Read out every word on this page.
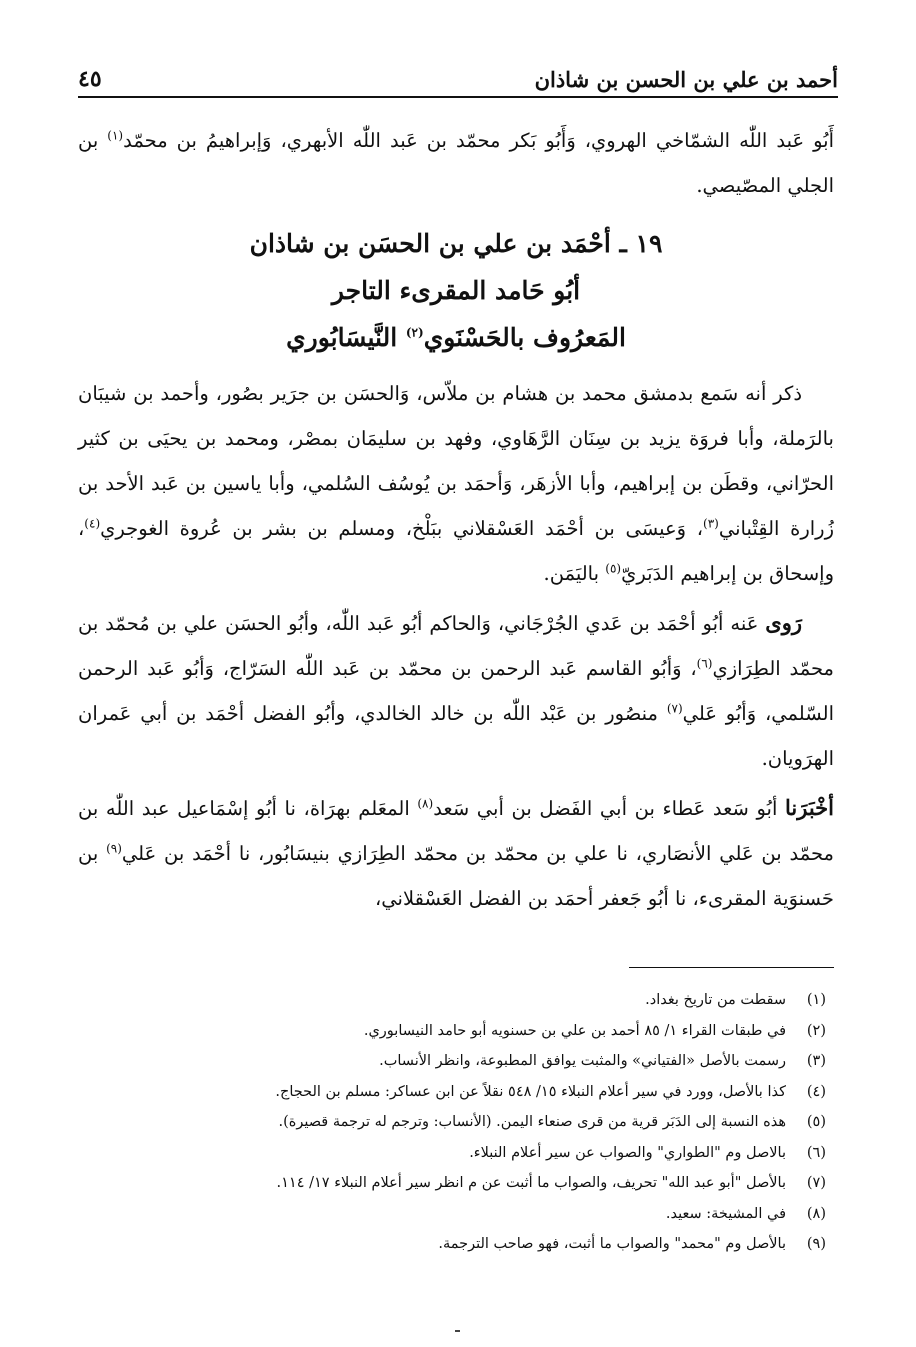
أحمد بن علي بن الحسن بن شاذان
٤٥

أَبُو عَبد اللّٰه الشمّاخي الهروي، وَأَبُو بَكر محمّد بن عَبد اللّٰه الأبهري، وَإبراهيمُ بن محمّد$^{(١)}$ بن الجلي المصّيصي.

١٩ ـ أحْمَد بن علي بن الحسَن بن شاذان
أبُو حَامد المقرىء التاجر
المَعرُوف بالحَسْنَوي$^{(٢)}$ النَّيسَابُوري

ذكر أنه سَمع بدمشق محمد بن هشام بن ملاّس، وَالحسَن بن جرَير بصُور، وأحمد بن شيبَان بالرَملة، وأبا فروَة يزيد بن سِنَان الرَّهَاوي، وفهد بن سليمَان بمصْر، ومحمد بن يحيَى بن كثير الحرّاني، وقطَن بن إبراهيم، وأبا الأزهَر، وَأحمَد بن يُوسُف السُلمي، وأبا ياسين بن عَبد الأحد بن زُرارة القِتْباني$^{(٣)}$، وَعيسَى بن أحْمَد العَسْقلاني ببَلْخ، ومسلم بن بشر بن عُروة الغوجري$^{(٤)}$، وإسحاق بن إبراهيم الدَبَريّ$^{(٥)}$ باليَمَن.

رَوى عَنه أبُو أحْمَد بن عَدي الجُرْجَاني، وَالحاكم أبُو عَبد اللّٰه، وأبُو الحسَن علي بن مُحمّد بن محمّد الطِرَازي$^{(٦)}$، وَأبُو القاسم عَبد الرحمن بن محمّد بن عَبد اللّٰه السَرّاج، وَأبُو عَبد الرحمن السّلمي، وَأبُو عَلي$^{(٧)}$ منصُور بن عَبْد اللّٰه بن خالد الخالدي، وأبُو الفضل أحْمَد بن أبي عَمران الهرَويان.

أخْبَرَنا أبُو سَعد عَطاء بن أبي الفَضل بن أبي سَعد$^{(٨)}$ المعَلم بهرَاة، نا أبُو إسْمَاعيل عبد اللّٰه بن محمّد بن عَلي الأنصَاري، نا علي بن محمّد بن محمّد الطِرَازي بنيسَابُور، نا أحْمَد بن عَلي$^{(٩)}$ بن حَسنوَية المقرىء، نا أبُو جَعفر أحمَد بن الفضل العَسْقلاني،

(١)
سقطت من تاريخ بغداد.
(٢)
في طبقات القراء ١/ ٨٥ أحمد بن علي بن حسنويه أبو حامد النيسابوري.
(٣)
رسمت بالأصل «الفتياني» والمثبت يوافق المطبوعة، وانظر الأنساب.
(٤)
كذا بالأصل، وورد في سير أعلام النبلاء ١٥/ ٥٤٨ نقلاً عن ابن عساكر: مسلم بن الحجاج.
(٥)
هذه النسبة إلى الدَبَر قرية من قرى صنعاء اليمن. (الأنساب: وترجم له ترجمة قصيرة).
(٦)
بالاصل وم "الطواري" والصواب عن سير أعلام النبلاء.
(٧)
بالأصل "أبو عبد الله" تحريف، والصواب ما أثبت عن م انظر سير أعلام النبلاء ١٧/ ١١٤.
(٨)
في المشيخة: سعيد.
(٩)
بالأصل وم "محمد" والصواب ما أثبت، فهو صاحب الترجمة.
